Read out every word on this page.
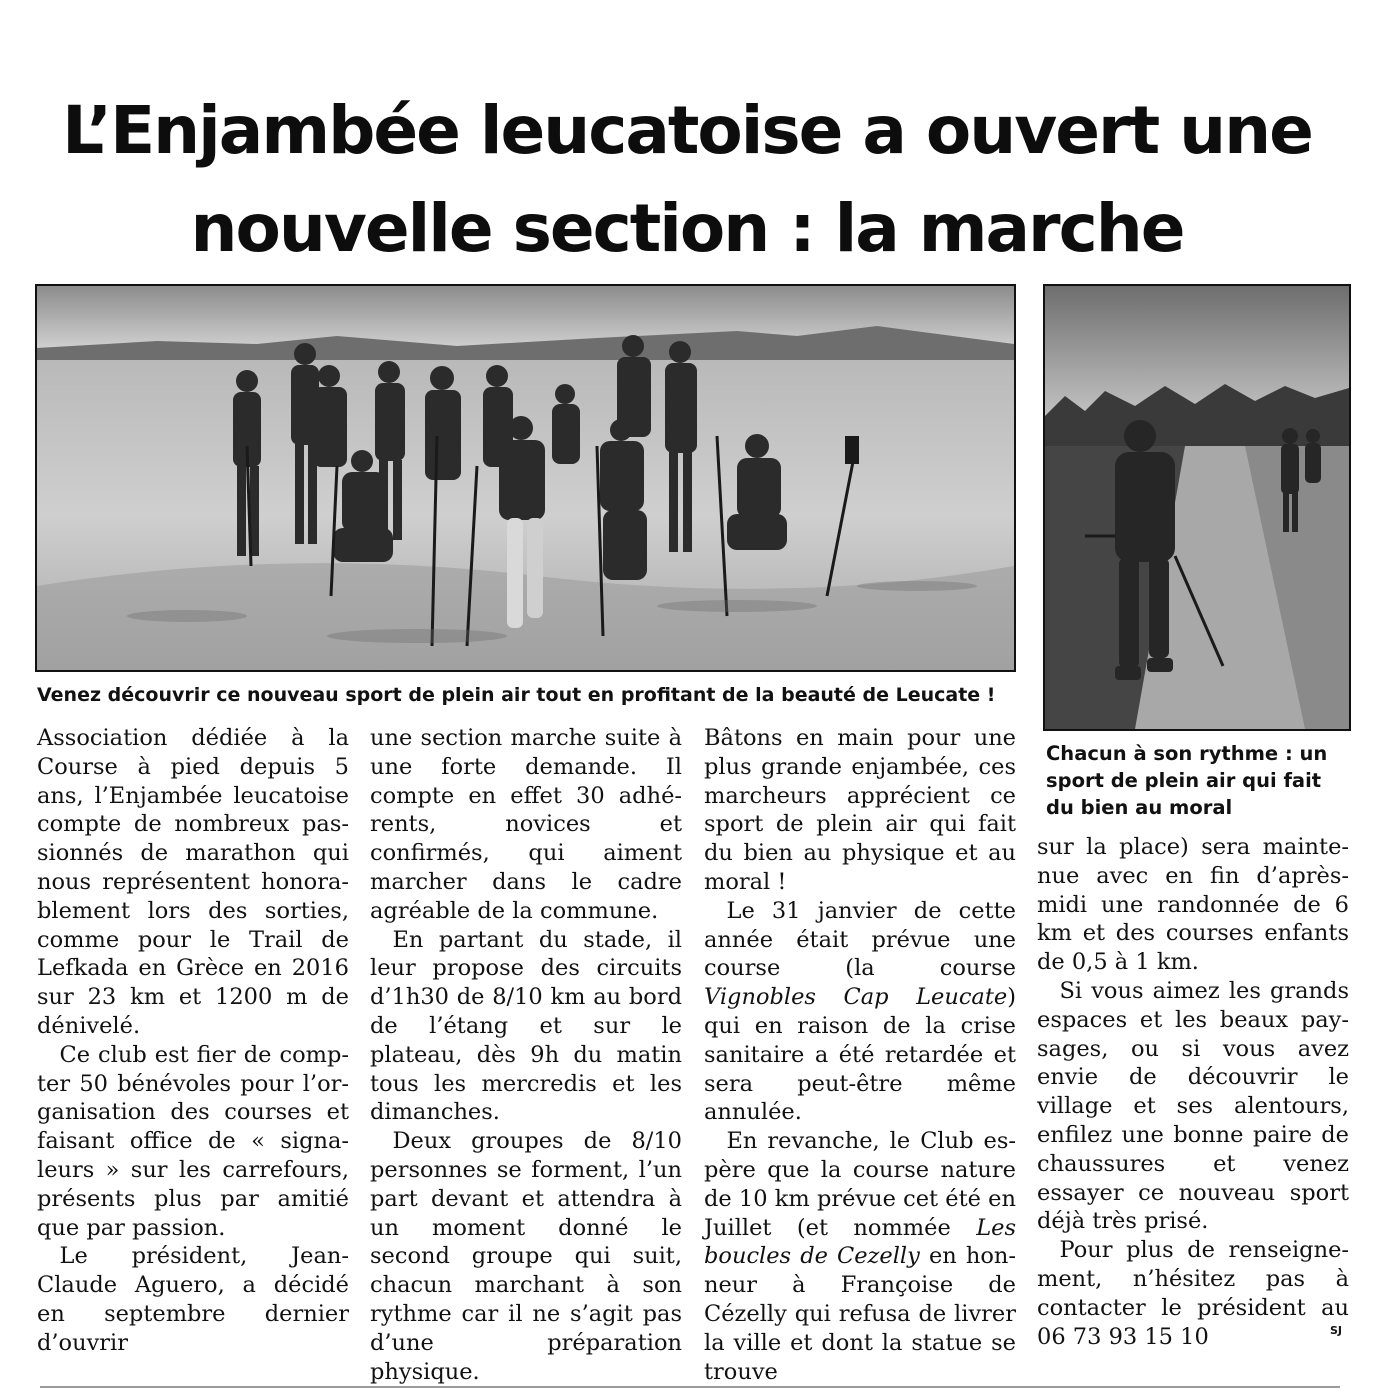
L’Enjambée leucatoise a ouvert une nouvelle section : la marche

Venez découvrir ce nouveau sport de plein air tout en profitant de la beauté de Leucate !

Chacun à son rythme : un sport de plein air qui fait du bien au moral

Association dédiée à la Course à pied depuis 5 ans, l’Enjambée leucatoise compte de nombreux passionnés de marathon qui nous représentent honorablement lors des sorties, comme pour le Trail de Lefkada en Grèce en 2016 sur 23 km et 1200 m de dénivelé.

Ce club est fier de compter 50 bénévoles pour l’organisation des courses et faisant office de « signaleurs » sur les carrefours, présents plus par amitié que par passion.

Le président, Jean-Claude Aguero, a décidé en septembre dernier d’ouvrir

une section marche suite à une forte demande. Il compte en effet 30 adhérents, novices et confirmés, qui aiment marcher dans le cadre agréable de la commune.

En partant du stade, il leur propose des circuits d’1h30 de 8/10 km au bord de l’étang et sur le plateau, dès 9h du matin tous les mercredis et les dimanches.

Deux groupes de 8/10 personnes se forment, l’un part devant et attendra à un moment donné le second groupe qui suit, chacun marchant à son rythme car il ne s’agit pas d’une préparation physique.

Bâtons en main pour une plus grande enjambée, ces marcheurs apprécient ce sport de plein air qui fait du bien au physique et au moral !

Le 31 janvier de cette année était prévue une course (la course Vignobles Cap Leucate) qui en raison de la crise sanitaire a été retardée et sera peut-être même annulée.

En revanche, le Club espère que la course nature de 10 km prévue cet été en Juillet (et nommée Les boucles de Cezelly en honneur à Françoise de Cézelly qui refusa de livrer la ville et dont la statue se trouve

sur la place) sera maintenue avec en fin d’après-midi une randonnée de 6 km et des courses enfants de 0,5 à 1 km.

Si vous aimez les grands espaces et les beaux paysages, ou si vous avez envie de découvrir le village et ses alentours, enfilez une bonne paire de chaussures et venez essayer ce nouveau sport déjà très prisé.

Pour plus de renseignement, n’hésitez pas à contacter le président au 06 73 93 15 10	SJ
